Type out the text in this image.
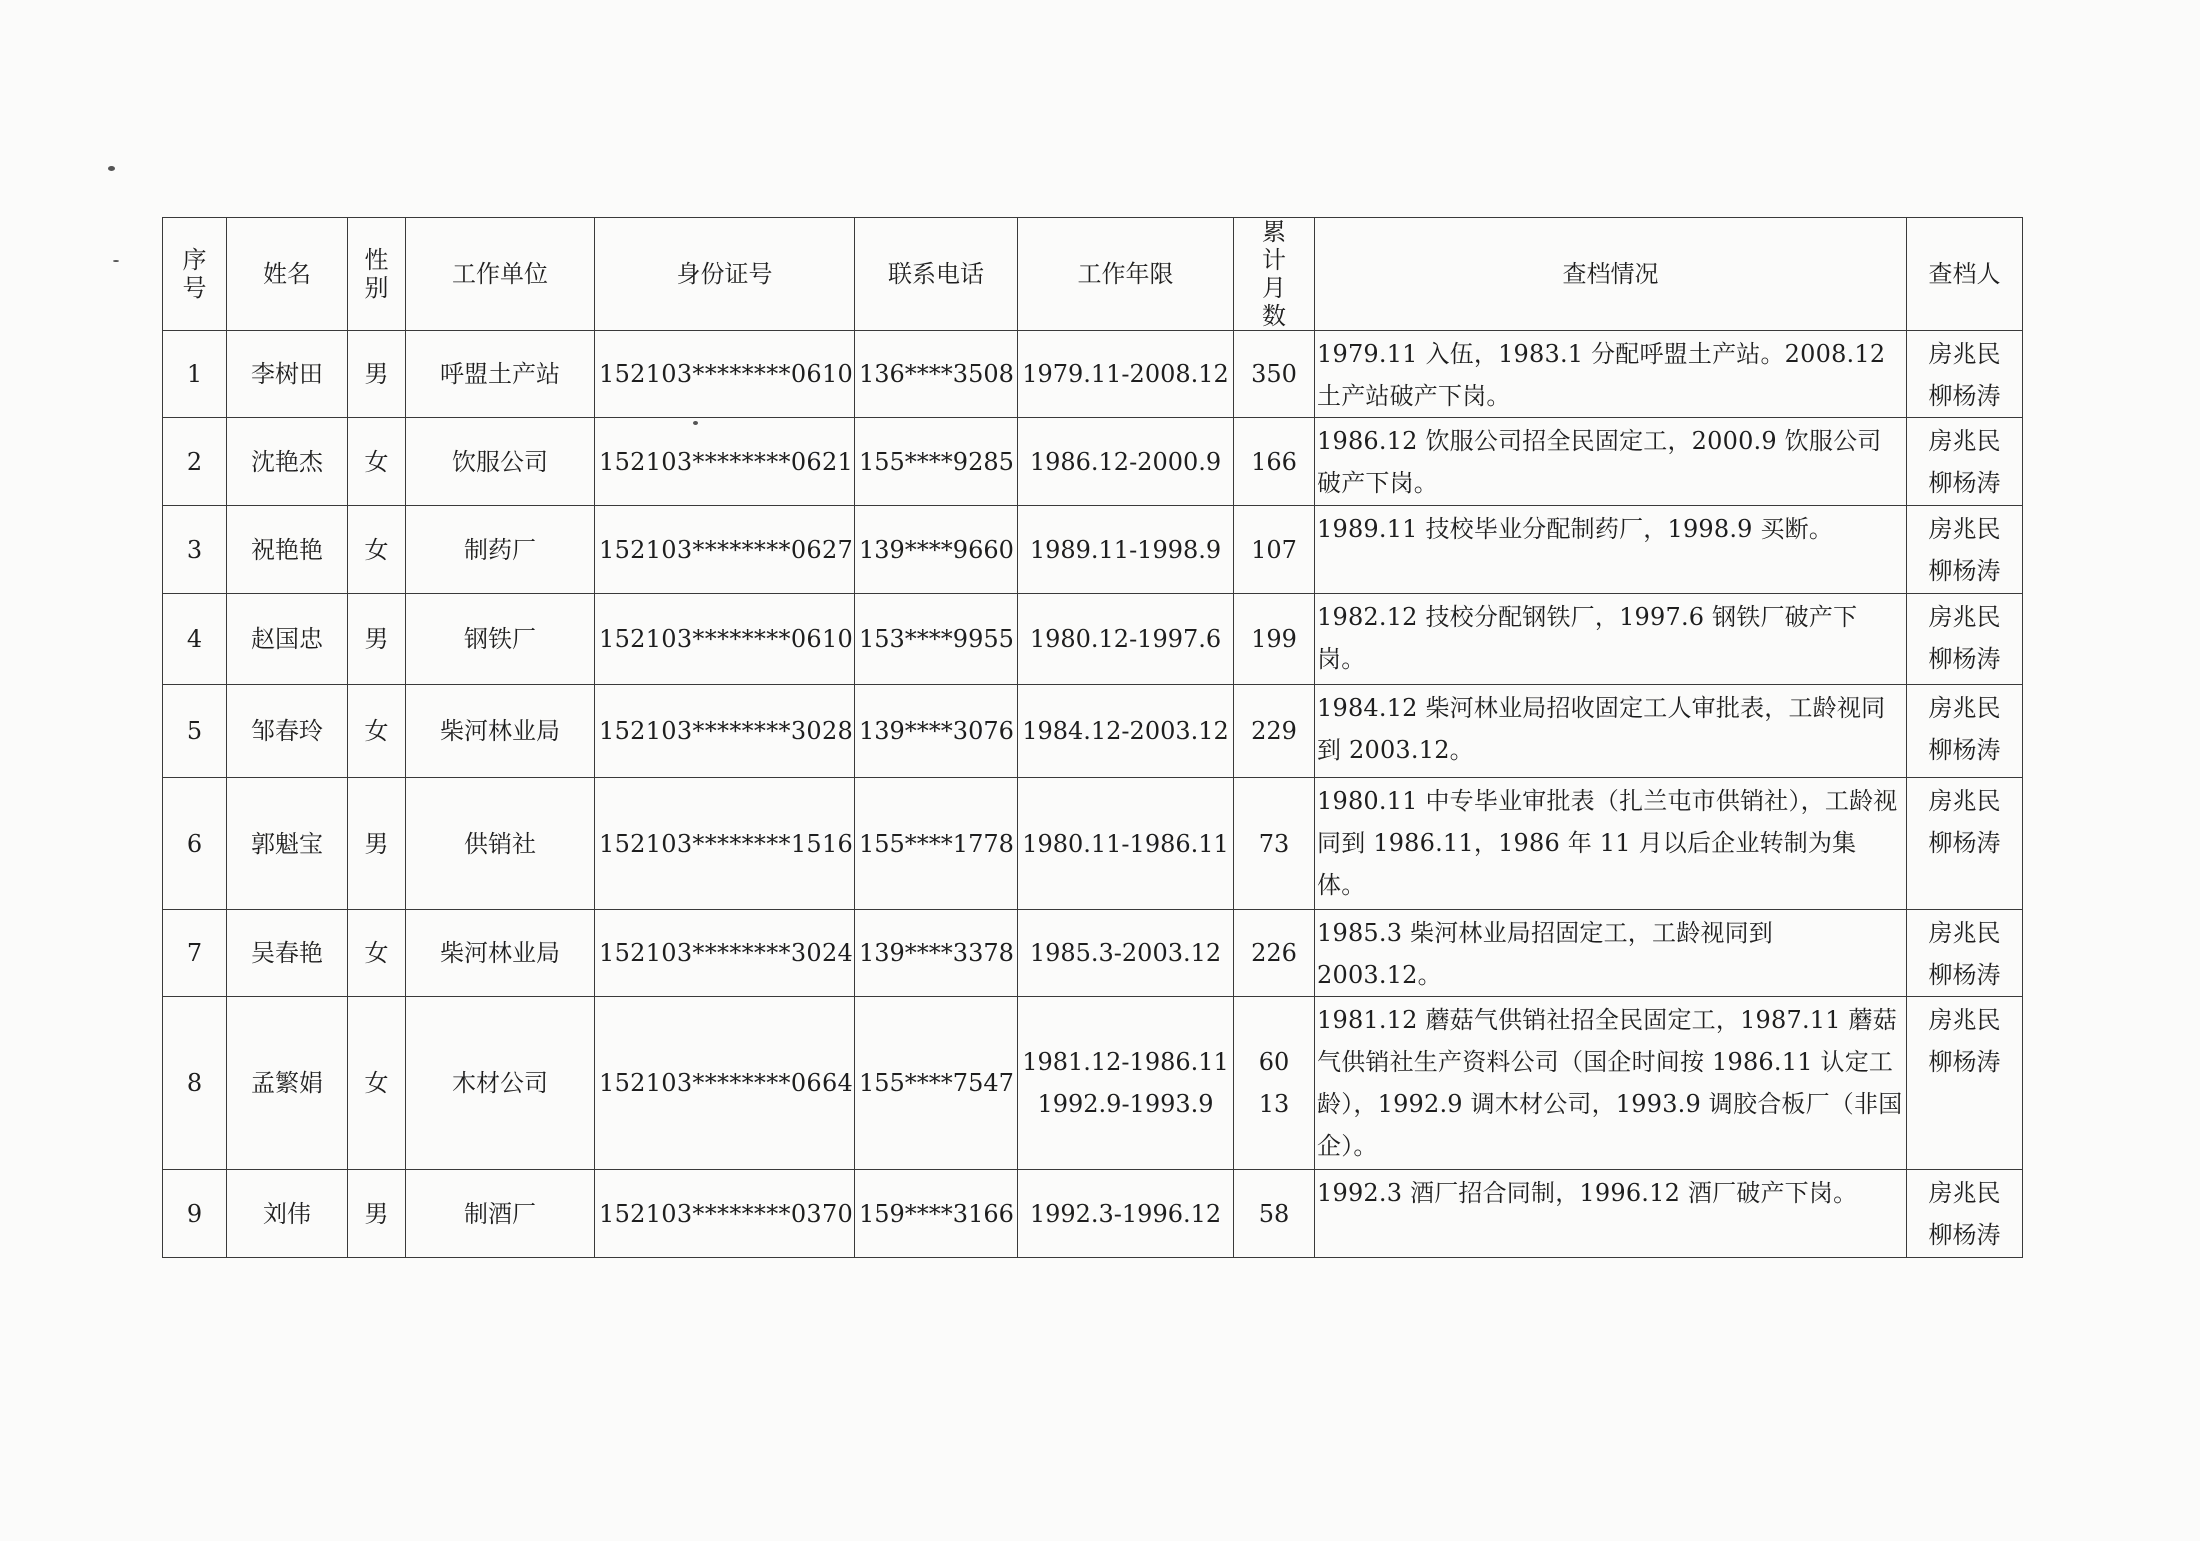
序
号	姓名	性
别	工作单位	身份证号	联系电话	工作年限	累
计
月
数	查档情况	查档人
1	李树田	男	呼盟土产站	152103********0610	136****3508	1979.11-2008.12	350	1979.11 入伍，1983.1 分配呼盟土产站。2008.12 土产站破产下岗。	房兆民
柳杨涛

2	沈艳杰	女	饮服公司	152103********0621	155****9285	1986.12-2000.9	166	1986.12 饮服公司招全民固定工，2000.9 饮服公司破产下岗。	房兆民
柳杨涛

3	祝艳艳	女	制药厂	152103********0627	139****9660	1989.11-1998.9	107	1989.11 技校毕业分配制药厂，1998.9 买断。	房兆民
柳杨涛

4	赵国忠	男	钢铁厂	152103********0610	153****9955	1980.12-1997.6	199	1982.12 技校分配钢铁厂，1997.6 钢铁厂破产下岗。	房兆民
柳杨涛

5	邹春玲	女	柴河林业局	152103********3028	139****3076	1984.12-2003.12	229	1984.12 柴河林业局招收固定工人审批表，工龄视同到 2003.12。	房兆民
柳杨涛

6	郭魁宝	男	供销社	152103********1516	155****1778	1980.11-1986.11	73	1980.11 中专毕业审批表（扎兰屯市供销社），工龄视同到 1986.11，1986 年 11 月以后企业转制为集体。	房兆民
柳杨涛

7	吴春艳	女	柴河林业局	152103********3024	139****3378	1985.3-2003.12	226	1985.3 柴河林业局招固定工，工龄视同到 2003.12。	房兆民
柳杨涛

8	孟繁娟	女	木材公司	152103********0664	155****7547	1981.12-1986.11
1992.9-1993.9	60
13	1981.12 蘑菇气供销社招全民固定工，1987.11 蘑菇气供销社生产资料公司（国企时间按 1986.11 认定工龄），1992.9 调木材公司，1993.9 调胶合板厂（非国企）。	房兆民
柳杨涛

9	刘伟	男	制酒厂	152103********0370	159****3166	1992.3-1996.12	58	1992.3 酒厂招合同制，1996.12 酒厂破产下岗。	房兆民
柳杨涛
